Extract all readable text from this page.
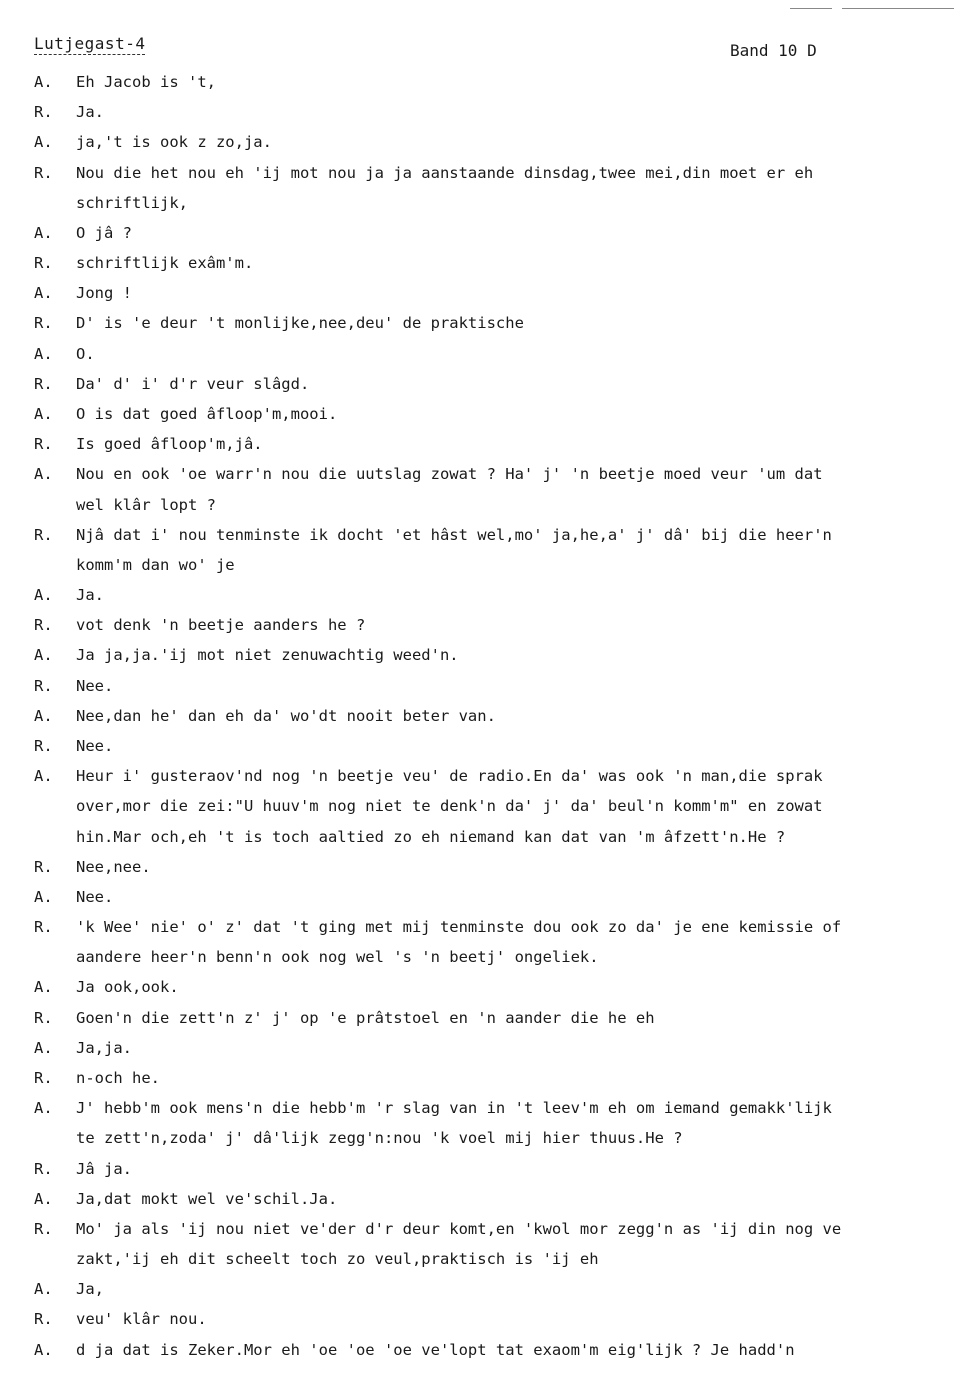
Lutjegast-4	Band 10 D
A. Eh Jacob is 't,
R. Ja.
A. ja,'t is ook z zo,ja.
R. Nou die het nou eh 'ij mot nou ja ja aanstaande dinsdag,twee mei,din moet er eh
schriftlijk,
A. O jâ ?
R. schriftlijk exâm'm.
A. Jong !
R. D' is 'e deur 't monlijke,nee,deu' de praktische
A. O.
R. Da' d' i' d'r veur slâgd.
A. O is dat goed âfloop'm,mooi.
R. Is goed âfloop'm,jâ.
A. Nou en ook 'oe warr'n nou die uutslag zowat ? Ha' j' 'n beetje moed veur 'um dat
wel klâr lopt ?
R. Njâ dat i' nou tenminste ik docht 'et hâst wel,mo' ja,he,a' j' dâ' bij die heer'n
komm'm dan wo' je
A. Ja.
R. vot denk 'n beetje aanders he ?
A. Ja ja,ja.'ij mot niet zenuwachtig weed'n.
R. Nee.
A. Nee,dan he' dan eh da' wo'dt nooit beter van.
R. Nee.
A. Heur i' gusteraov'nd nog 'n beetje veu' de radio.En da' was ook 'n man,die sprak
over,mor die zei:"U huuv'm nog niet te denk'n da' j' da' beul'n komm'm" en zowat
hin.Mar och,eh 't is toch aaltied zo eh niemand kan dat van 'm âfzett'n.He ?
R. Nee,nee.
A. Nee.
R. 'k Wee' nie' o' z' dat 't ging met mij tenminste dou ook zo da' je ene kemissie of
aandere heer'n benn'n ook nog wel 's 'n beetj' ongeliek.
A. Ja ook,ook.
R. Goen'n die zett'n z' j' op 'e prâtstoel en 'n aander die he eh
A. Ja,ja.
R. n-och he.
A. J' hebb'm ook mens'n die hebb'm 'r slag van in 't leev'm eh om iemand gemakk'lijk
te zett'n,zoda' j' dâ'lijk zegg'n:nou 'k voel mij hier thuus.He ?
R. Jâ ja.
A. Ja,dat mokt wel ve'schil.Ja.
R. Mo' ja als 'ij nou niet ve'der d'r deur komt,en 'kwol mor zegg'n as 'ij din nog ve
zakt,'ij eh dit scheelt toch zo veul,praktisch is 'ij eh
A. Ja,
R. veu' klâr nou.
A. d ja dat is Zeker.Mor eh 'oe 'oe 'oe ve'lopt tat exaom'm eig'lijk ? Je hadd'n
